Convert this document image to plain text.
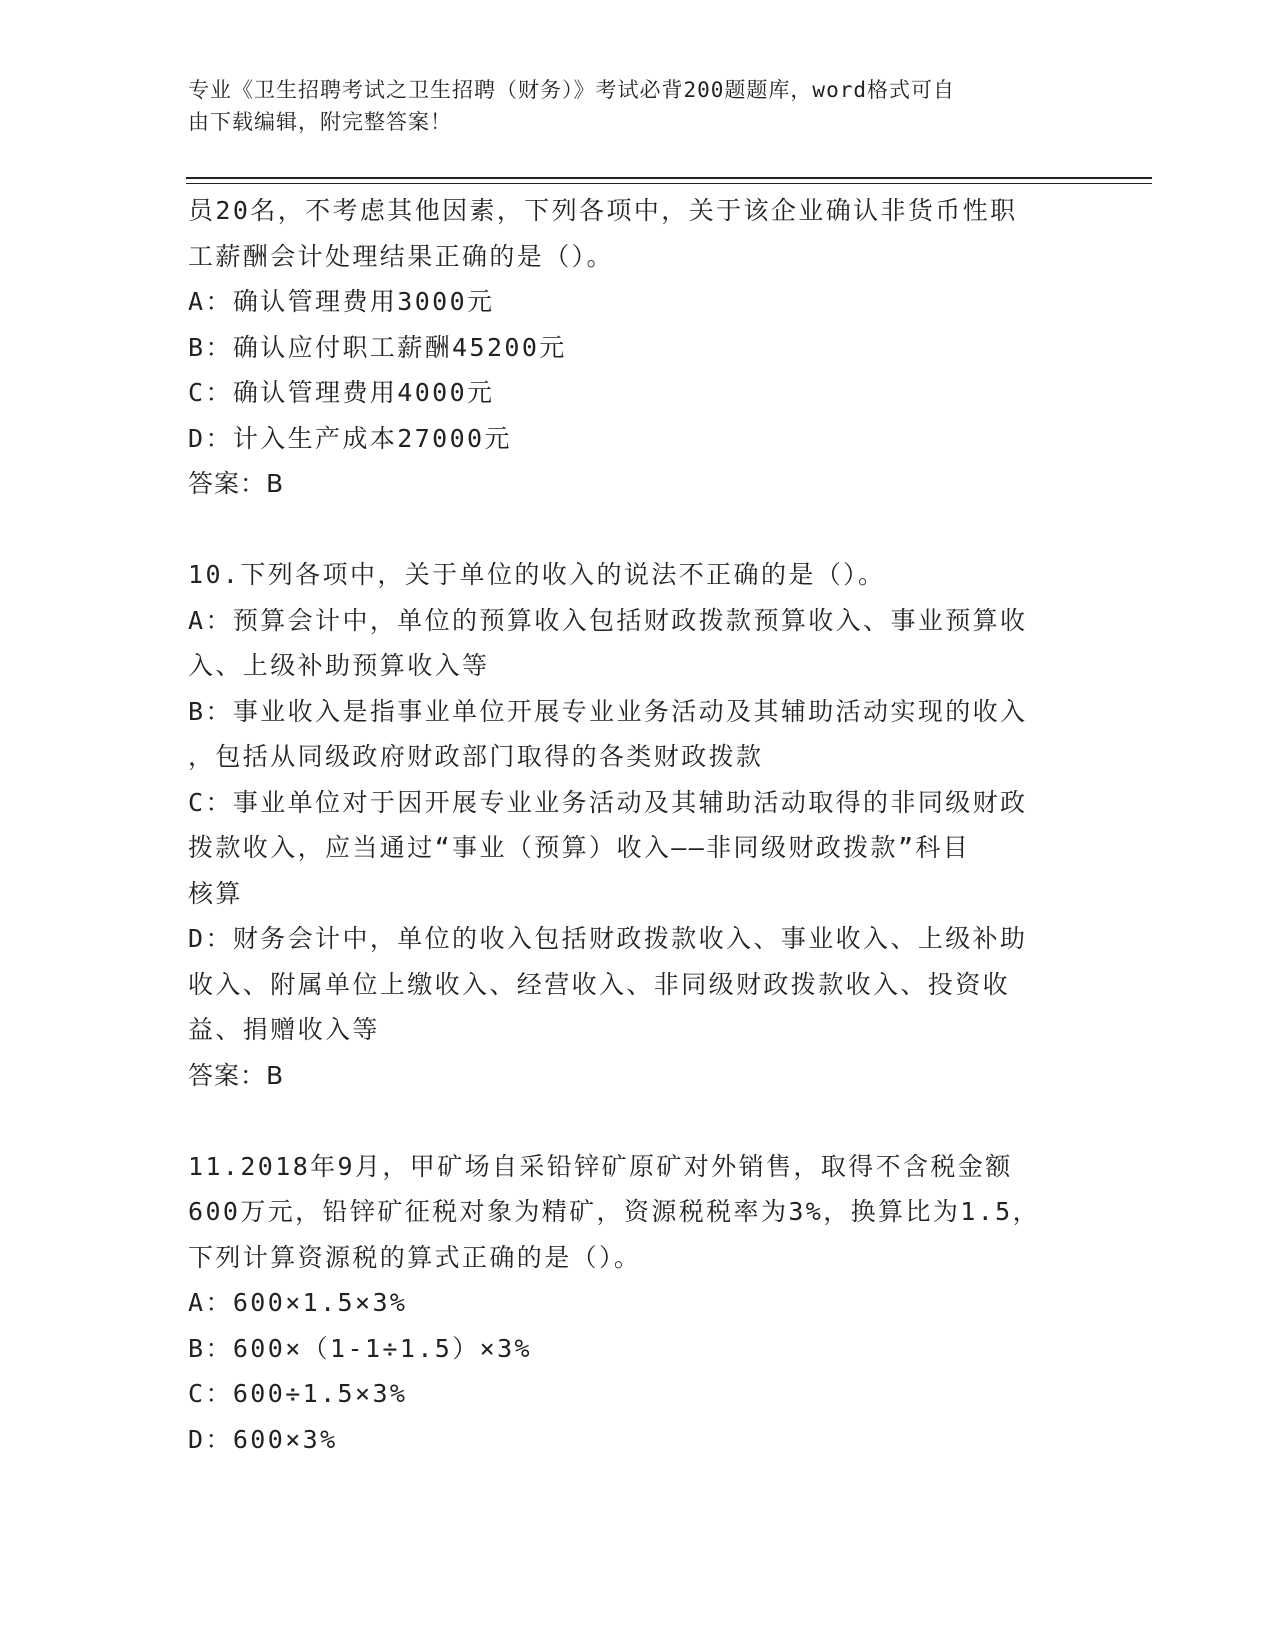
专业《卫生招聘考试之卫生招聘（财务）》考试必背200题题库，word格式可自
由下载编辑，附完整答案！
员20名，不考虑其他因素，下列各项中，关于该企业确认非货币性职
工薪酬会计处理结果正确的是（）。
A：确认管理费用3000元
B：确认应付职工薪酬45200元
C：确认管理费用4000元
D：计入生产成本27000元
答案：B
10.下列各项中，关于单位的收入的说法不正确的是（）。
A：预算会计中，单位的预算收入包括财政拨款预算收入、事业预算收
入、上级补助预算收入等
B：事业收入是指事业单位开展专业业务活动及其辅助活动实现的收入
，包括从同级政府财政部门取得的各类财政拨款
C：事业单位对于因开展专业业务活动及其辅助活动取得的非同级财政
拨款收入，应当通过“事业（预算）收入——非同级财政拨款”科目
核算
D：财务会计中，单位的收入包括财政拨款收入、事业收入、上级补助
收入、附属单位上缴收入、经营收入、非同级财政拨款收入、投资收
益、捐赠收入等
答案：B
11.2018年9月，甲矿场自采铅锌矿原矿对外销售，取得不含税金额
600万元，铅锌矿征税对象为精矿，资源税税率为3%，换算比为1.5，
下列计算资源税的算式正确的是（）。
A：600×1.5×3%
B：600×（1-1÷1.5）×3%
C：600÷1.5×3%
D：600×3%
